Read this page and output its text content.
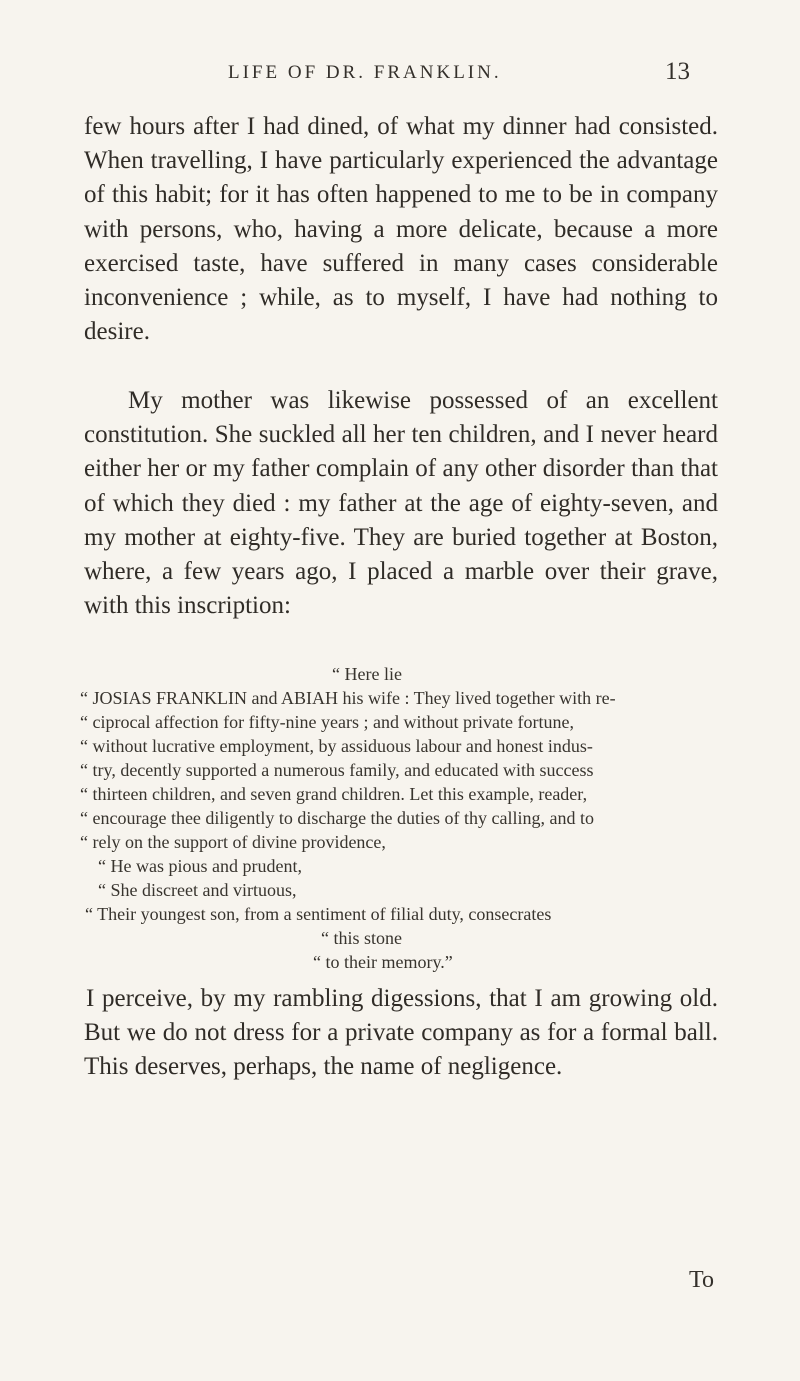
LIFE OF DR. FRANKLIN.	13
few hours after I had dined, of what my dinner had consisted. When travelling, I have particularly experienced the advantage of this habit; for it has often happened to me to be in company with persons, who, having a more delicate, because a more exercised taste, have suffered in many cases considerable inconvenience ; while, as to myself, I have had nothing to desire.
My mother was likewise possessed of an excellent constitution. She suckled all her ten children, and I never heard either her or my father complain of any other disorder than that of which they died : my father at the age of eighty-seven, and my mother at eighty-five. They are buried together at Boston, where, a few years ago, I placed a marble over their grave, with this inscription:
“ Here lie
“ JOSIAS FRANKLIN and ABIAH his wife : They lived together with re-
“ ciprocal affection for fifty-nine years ; and without private fortune,
“ without lucrative employment, by assiduous labour and honest indus-
“ try, decently supported a numerous family, and educated with success
“ thirteen children, and seven grand children. Let this example, reader,
“ encourage thee diligently to discharge the duties of thy calling, and to
“ rely on the support of divine providence,
“ He was pious and prudent,
“ She discreet and virtuous,
“ Their youngest son, from a sentiment of filial duty, consecrates
“ this stone
“ to their memory.”
I perceive, by my rambling digessions, that I am growing old. But we do not dress for a private company as for a formal ball. This deserves, perhaps, the name of negligence.
To
